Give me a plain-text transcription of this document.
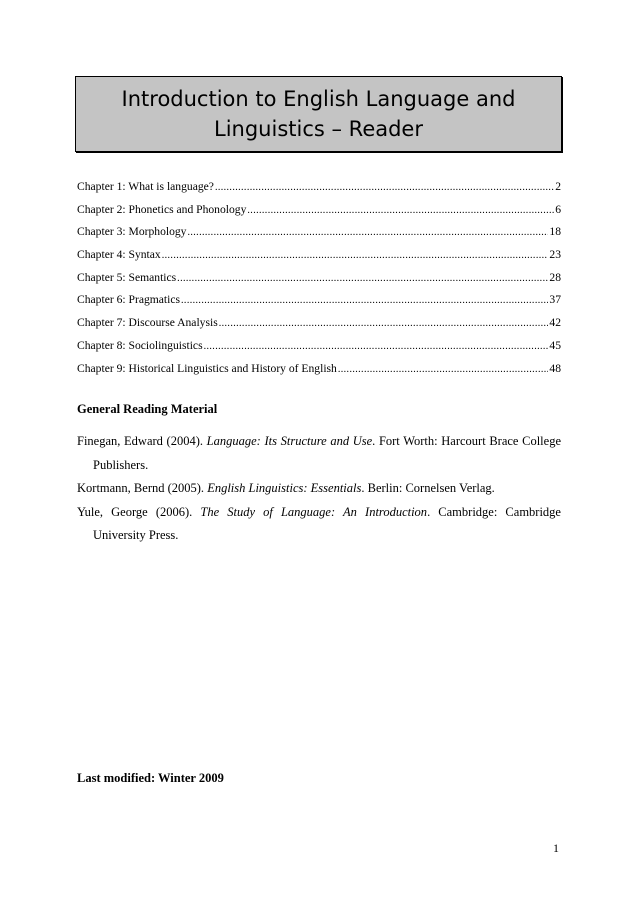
Introduction to English Language and
Linguistics – Reader
Chapter 1: What is language? .....	2
Chapter 2: Phonetics and Phonology .....	6
Chapter 3: Morphology .....	18
Chapter 4: Syntax .....	23
Chapter 5: Semantics .....	28
Chapter 6: Pragmatics .....	37
Chapter 7: Discourse Analysis .....	42
Chapter 8: Sociolinguistics .....	45
Chapter 9: Historical Linguistics and History of English .....	48
General Reading Material
Finegan, Edward (2004). Language: Its Structure and Use. Fort Worth: Harcourt Brace College Publishers.
Kortmann, Bernd (2005). English Linguistics: Essentials. Berlin: Cornelsen Verlag.
Yule, George (2006). The Study of Language: An Introduction. Cambridge: Cambridge University Press.
Last modified: Winter 2009
1
